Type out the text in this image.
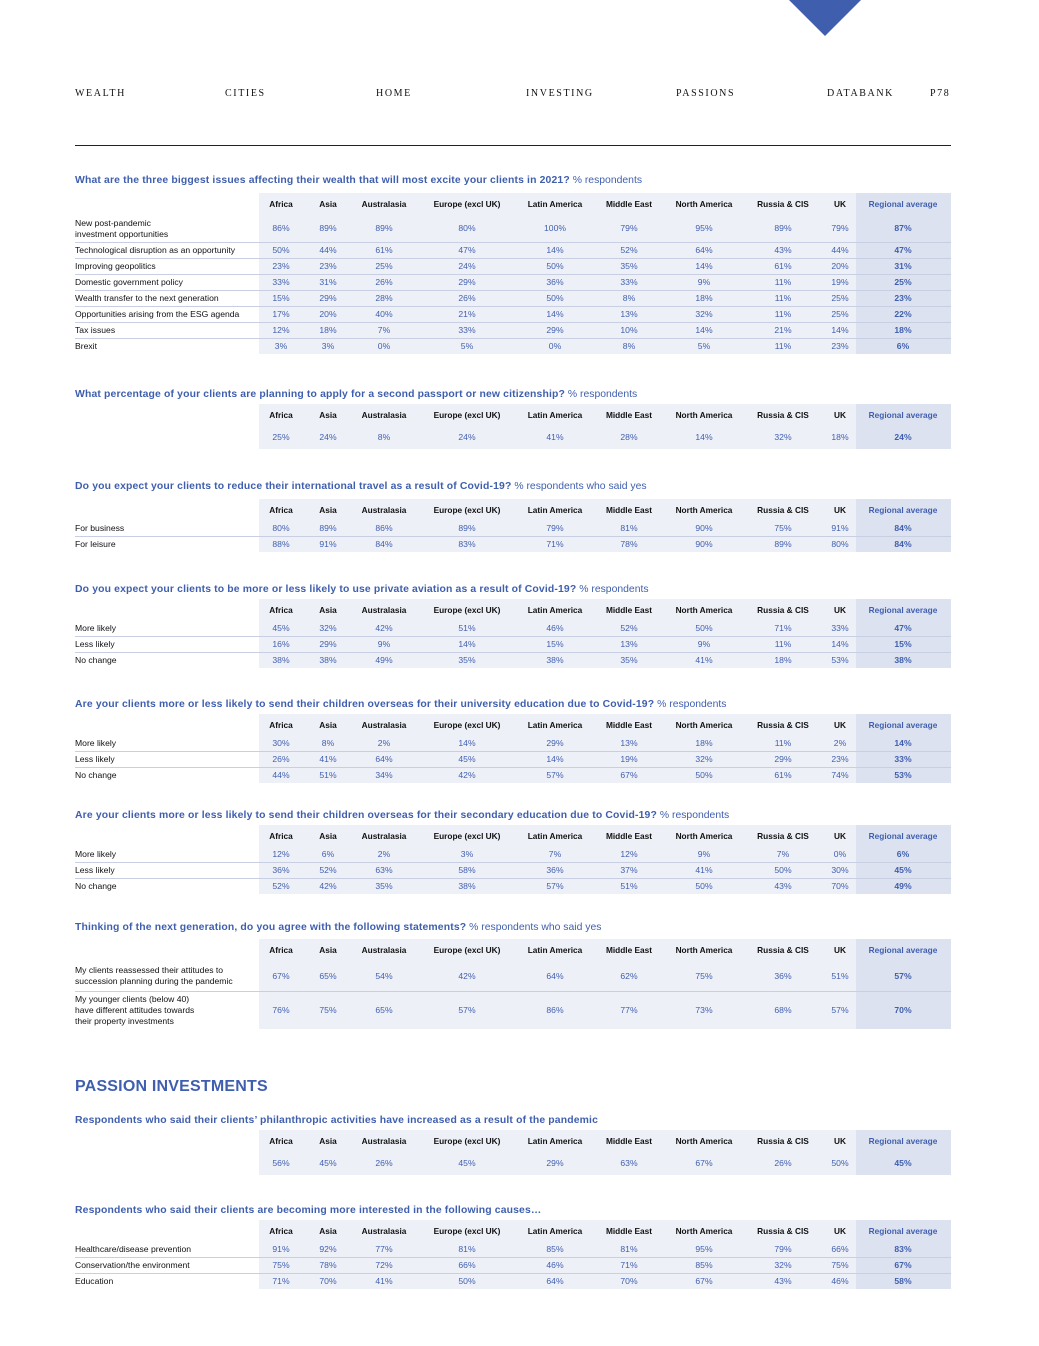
WEALTH	CITIES	HOME	INVESTING	PASSIONS	DATABANK	P78
What are the three biggest issues affecting their wealth that will most excite your clients in 2021? % respondents
Africa	Asia	Australasia	Europe (excl UK)	Latin America	Middle East	North America	Russia & CIS	UK	Regional average
New post-pandemic
investment opportunities
86%	89%	89%	80%	100%	79%	95%	89%	79%	87%
Technological disruption as an opportunity	50%	44%	61%	47%	14%	52%	64%	43%	44%	47%
Improving geopolitics	23%	23%	25%	24%	50%	35%	14%	61%	20%	31%
Domestic government policy	33%	31%	26%	29%	36%	33%	9%	11%	19%	25%
Wealth transfer to the next generation	15%	29%	28%	26%	50%	8%	18%	11%	25%	23%
Opportunities arising from the ESG agenda	17%	20%	40%	21%	14%	13%	32%	11%	25%	22%
Tax issues	12%	18%	7%	33%	29%	10%	14%	21%	14%	18%
Brexit	3%	3%	0%	5%	0%	8%	5%	11%	23%	6%
What percentage of your clients are planning to apply for a second passport or new citizenship? % respondents
Africa	Asia	Australasia	Europe (excl UK)	Latin America	Middle East	North America	Russia & CIS	UK	Regional average
25%	24%	8%	24%	41%	28%	14%	32%	18%	24%
Do you expect your clients to reduce their international travel as a result of Covid-19? % respondents who said yes
Africa	Asia	Australasia	Europe (excl UK)	Latin America	Middle East	North America	Russia & CIS	UK	Regional average
For business	80%	89%	86%	89%	79%	81%	90%	75%	91%	84%
For leisure	88%	91%	84%	83%	71%	78%	90%	89%	80%	84%
Do you expect your clients to be more or less likely to use private aviation as a result of Covid-19? % respondents
Africa	Asia	Australasia	Europe (excl UK)	Latin America	Middle East	North America	Russia & CIS	UK	Regional average
More likely	45%	32%	42%	51%	46%	52%	50%	71%	33%	47%
Less likely	16%	29%	9%	14%	15%	13%	9%	11%	14%	15%
No change	38%	38%	49%	35%	38%	35%	41%	18%	53%	38%
Are your clients more or less likely to send their children overseas for their university education due to Covid-19? % respondents
Africa	Asia	Australasia	Europe (excl UK)	Latin America	Middle East	North America	Russia & CIS	UK	Regional average
More likely	30%	8%	2%	14%	29%	13%	18%	11%	2%	14%
Less likely	26%	41%	64%	45%	14%	19%	32%	29%	23%	33%
No change	44%	51%	34%	42%	57%	67%	50%	61%	74%	53%
Are your clients more or less likely to send their children overseas for their secondary education due to Covid-19? % respondents
Africa	Asia	Australasia	Europe (excl UK)	Latin America	Middle East	North America	Russia & CIS	UK	Regional average
More likely	12%	6%	2%	3%	7%	12%	9%	7%	0%	6%
Less likely	36%	52%	63%	58%	36%	37%	41%	50%	30%	45%
No change	52%	42%	35%	38%	57%	51%	50%	43%	70%	49%
Thinking of the next generation, do you agree with the following statements? % respondents who said yes
Africa	Asia	Australasia	Europe (excl UK)	Latin America	Middle East	North America	Russia & CIS	UK	Regional average
My clients reassessed their attitudes to
succession planning during the pandemic	67%	65%	54%	42%	64%	62%	75%	36%	51%	57%
My younger clients (below 40)
have different attitudes towards
their property investments
76%	75%	65%	57%	86%	77%	73%	68%	57%	70%
Respondents who said their clients’ philanthropic activities have increased as a result of the pandemic
Africa	Asia	Australasia	Europe (excl UK)	Latin America	Middle East	North America	Russia & CIS	UK	Regional average
56%	45%	26%	45%	29%	63%	67%	26%	50%	45%
Respondents who said their clients are becoming more interested in the following causes…
Africa	Asia	Australasia	Europe (excl UK)	Latin America	Middle East	North America	Russia & CIS	UK	Regional average
Healthcare/disease prevention	91%	92%	77%	81%	85%	81%	95%	79%	66%	83%
Conservation/the environment	75%	78%	72%	66%	46%	71%	85%	32%	75%	67%
Education	71%	70%	41%	50%	64%	70%	67%	43%	46%	58%
PASSION INVESTMENTS
